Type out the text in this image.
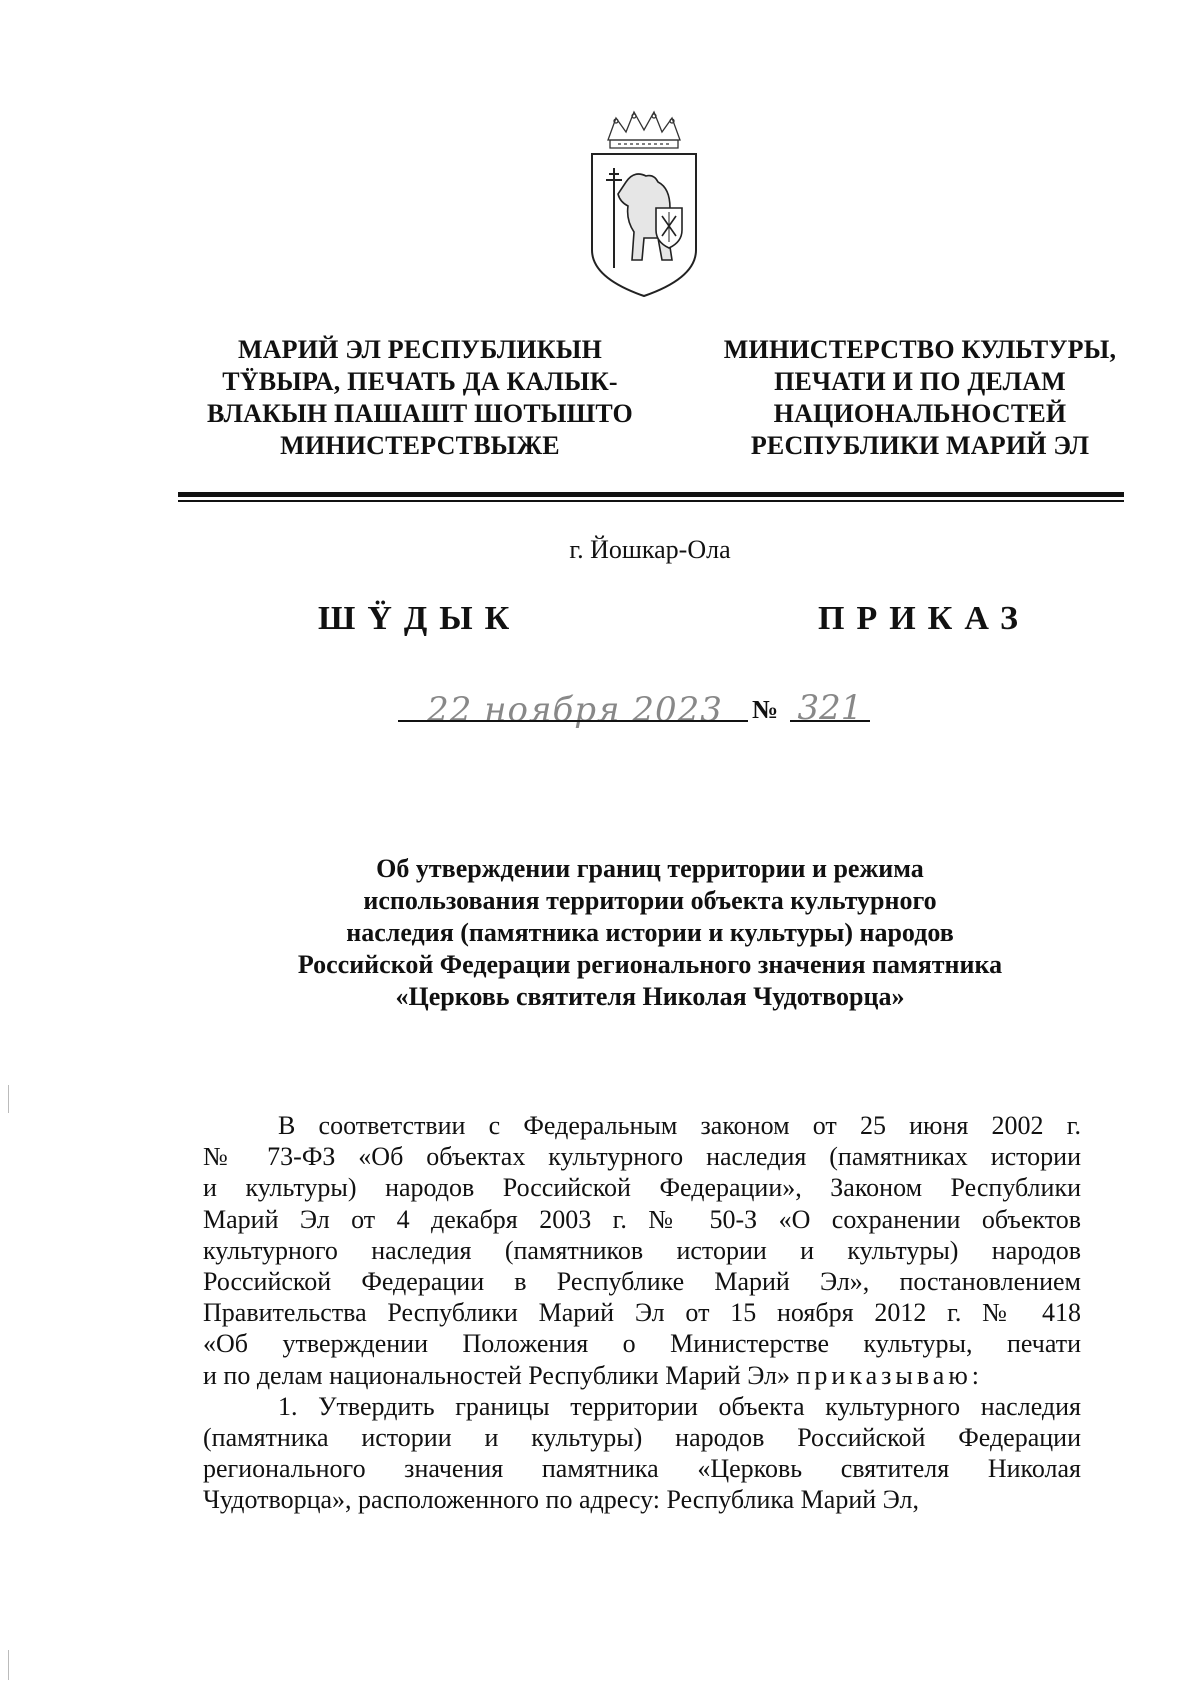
МАРИЙ ЭЛ РЕСПУБЛИКЫН
ТŸВЫРА, ПЕЧАТЬ ДА КАЛЫК-
ВЛАКЫН ПАШАШТ ШОТЫШТО
МИНИСТЕРСТВЫЖЕ
МИНИСТЕРСТВО КУЛЬТУРЫ,
ПЕЧАТИ И ПО ДЕЛАМ
НАЦИОНАЛЬНОСТЕЙ
РЕСПУБЛИКИ МАРИЙ ЭЛ
г. Йошкар-Ола
ШŸДЫК	ПРИКАЗ
22 ноября 2023	№ 321
Об утверждении границ территории и режима
использования территории объекта культурного
наследия (памятника истории и культуры) народов
Российской Федерации регионального значения памятника
«Церковь святителя Николая Чудотворца»
В соответствии с Федеральным законом от 25 июня 2002 г.
№ 73-ФЗ «Об объектах культурного наследия (памятниках истории
и культуры) народов Российской Федерации», Законом Республики
Марий Эл от 4 декабря 2003 г. № 50-З «О сохранении объектов
культурного наследия (памятников истории и культуры) народов
Российской Федерации в Республике Марий Эл», постановлением
Правительства Республики Марий Эл от 15 ноября 2012 г. № 418
«Об утверждении Положения о Министерстве культуры, печати
и по делам национальностей Республики Марий Эл» приказываю:
1. Утвердить границы территории объекта культурного наследия
(памятника истории и культуры) народов Российской Федерации
регионального значения памятника «Церковь святителя Николая
Чудотворца», расположенного по адресу: Республика Марий Эл,
